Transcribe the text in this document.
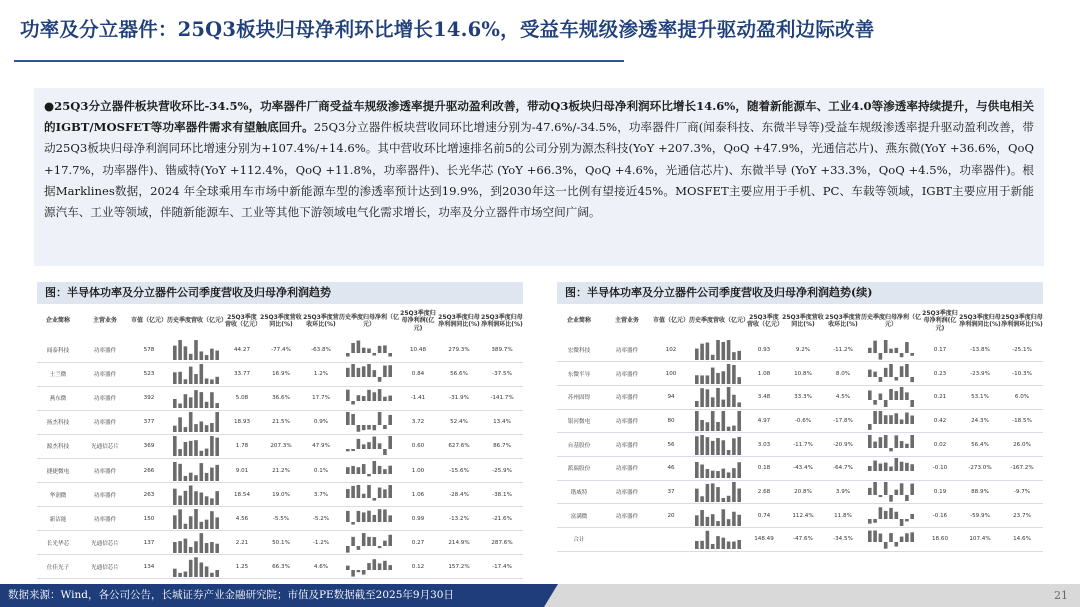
功率及分立器件：25Q3板块归母净利环比增长14.6%，受益车规级渗透率提升驱动盈利边际改善

●25Q3分立器件板块营收环比-34.5%，功率器件厂商受益车规级渗透率提升驱动盈利改善，带动Q3板块归母净利润环比增长14.6%，随着新能源车、工业4.0等渗透率持续提升，与供电相关的IGBT/MOSFET等功率器件需求有望触底回升。25Q3分立器件板块营收同环比增速分别为-47.6%/-34.5%，功率器件厂商(闻泰科技、东微半导等)受益车规级渗透率提升驱动盈利改善，带动25Q3板块归母净利润同环比增速分别为+107.4%/+14.6%。其中营收环比增速排名前5的公司分别为源杰科技(YoY +207.3%，QoQ +47.9%，光通信芯片)、燕东微(YoY +36.6%，QoQ +17.7%，功率器件)、锴威特(YoY +112.4%，QoQ +11.8%，功率器件)、长光华芯 (YoY +66.3%，QoQ +4.6%，光通信芯片)、东微半导 (YoY +33.3%，QoQ +4.5%，功率器件)。根据Marklines数据，2024 年全球乘用车市场中新能源车型的渗透率预计达到19.9%，到2030年这一比例有望接近45%。MOSFET主要应用于手机、PC、车载等领域，IGBT主要应用于新能源汽车、工业等领域，伴随新能源车、工业等其他下游领域电气化需求增长，功率及分立器件市场空间广阔。

图：半导体功率及分立器件公司季度营收及归母净利润趋势
企业简称	主营业务	市值（亿元）	历史季度营收（亿元）	25Q3季度营收（亿元）	25Q3季度营收同比(%)	25Q3季度营收环比(%)	历史季度归母净利（亿元）	25Q3季度归母净利润(亿元)	25Q3季度归母净利润同比(%)	25Q3季度归母净利润环比(%)
闻泰科技	功率器件	578		44.27	-77.4%	-63.8%		10.48	279.3%	389.7%
士兰微	功率器件	523		33.77	16.9%	1.2%		0.84	56.6%	-37.5%
燕东微	功率器件	392		5.08	36.6%	17.7%		-1.41	-31.9%	-141.7%
扬杰科技	功率器件	377		18.93	21.5%	0.9%		3.72	52.4%	13.4%
源杰科技	光通信芯片	369		1.78	207.3%	47.9%		0.60	627.6%	86.7%
捷捷微电	功率器件	266		9.01	21.2%	0.1%		1.00	-15.6%	-25.9%
华润微	功率器件	263		18.54	19.0%	3.7%		1.06	-28.4%	-38.1%
新洁能	功率器件	150		4.56	-5.5%	-5.2%		0.99	-13.2%	-21.6%
长光华芯	光通信芯片	137		2.21	50.1%	-1.2%		0.27	214.9%	287.6%
仕佳光子	光通信芯片	134		1.25	66.3%	4.6%		0.12	157.2%	-17.4%
图：半导体功率及分立器件公司季度营收及归母净利润趋势(续)
企业简称	主营业务	市值（亿元）	历史季度营收（亿元）	25Q3季度营收（亿元）	25Q3季度营收同比(%)	25Q3季度营收环比(%)	历史季度归母净利（亿元）	25Q3季度归母净利润(亿元)	25Q3季度归母净利润同比(%)	25Q3季度归母净利润环比(%)
宏微科技	功率器件	102		0.93	9.2%	-11.2%		0.17	-13.8%	-25.1%
东微半导	功率器件	100		1.08	10.8%	8.0%		0.23	-23.9%	-10.3%
苏州固锝	功率器件	94		3.48	33.3%	4.5%		0.21	53.1%	6.0%
银河微电	功率器件	80		4.97	-0.6%	-17.8%		0.42	24.3%	-18.5%
台基股份	功率器件	56		3.03	-11.7%	-20.9%		0.02	56.4%	26.0%
派瑞股份	功率器件	46		0.18	-43.4%	-64.7%		-0.10	-273.0%	-167.2%
锴威特	功率器件	37		2.68	20.8%	3.9%		0.19	88.9%	-9.7%
富满微	功率器件	20		0.74	112.4%	11.8%		-0.16	-59.9%	23.7%
合计				148.49	-47.6%	-34.5%		18.60	107.4%	14.6%
数据来源：Wind，各公司公告，长城证券产业金融研究院；市值及PE数据截至2025年9月30日	21
